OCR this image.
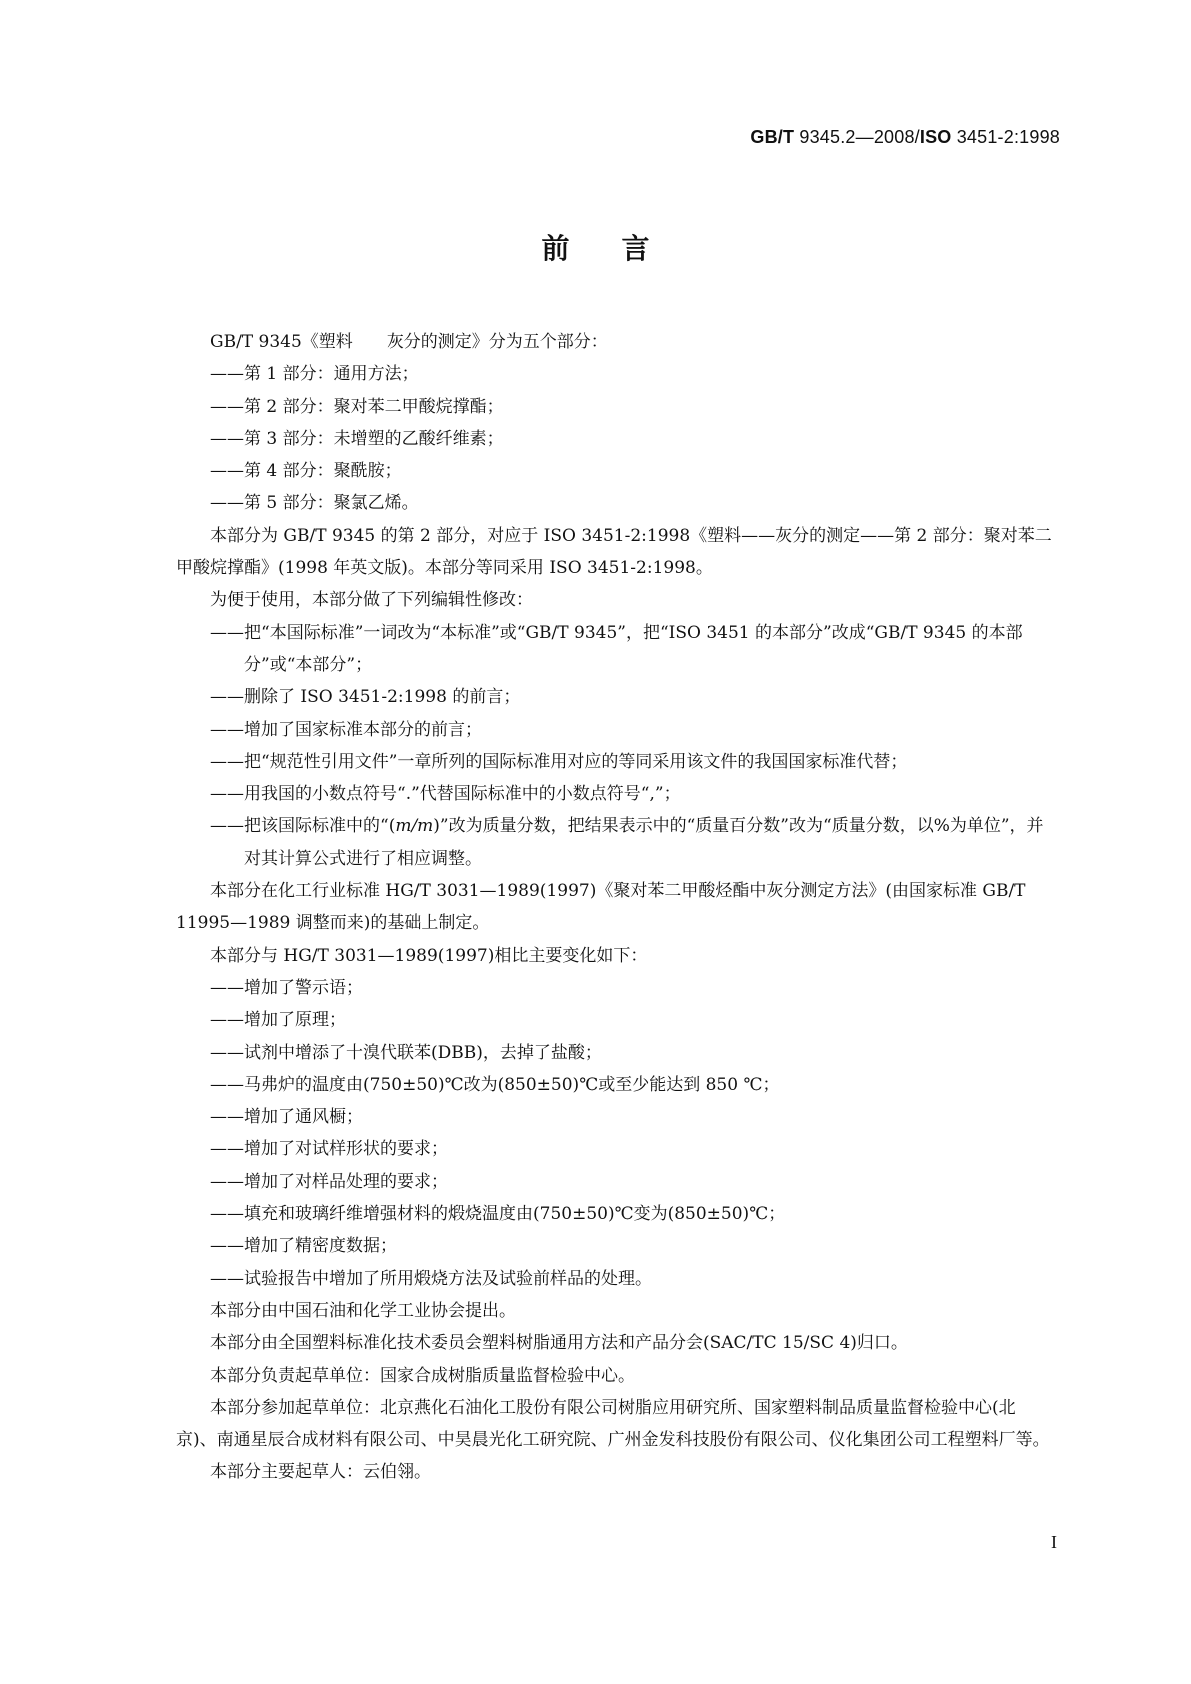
GB/T 9345.2—2008/ISO 3451-2:1998
前言

GB/T 9345《塑料 灰分的测定》分为五个部分：

——第 1 部分：通用方法；

——第 2 部分：聚对苯二甲酸烷撑酯；

——第 3 部分：未增塑的乙酸纤维素；

——第 4 部分：聚酰胺；

——第 5 部分：聚氯乙烯。

本部分为 GB/T 9345 的第 2 部分，对应于 ISO 3451-2:1998《塑料——灰分的测定——第 2 部分：聚对苯二甲酸烷撑酯》(1998 年英文版)。本部分等同采用 ISO 3451-2:1998。

为便于使用，本部分做了下列编辑性修改：

——把“本国际标准”一词改为“本标准”或“GB/T 9345”，把“ISO 3451 的本部分”改成“GB/T 9345 的本部分”或“本部分”；

——删除了 ISO 3451-2:1998 的前言；

——增加了国家标准本部分的前言；

——把“规范性引用文件”一章所列的国际标准用对应的等同采用该文件的我国国家标准代替；

——用我国的小数点符号“.”代替国际标准中的小数点符号“,”；

——把该国际标准中的“(m/m)”改为质量分数，把结果表示中的“质量百分数”改为“质量分数，以%为单位”，并对其计算公式进行了相应调整。

本部分在化工行业标准 HG/T 3031—1989(1997)《聚对苯二甲酸烃酯中灰分测定方法》(由国家标准 GB/T 11995—1989 调整而来)的基础上制定。

本部分与 HG/T 3031—1989(1997)相比主要变化如下：

——增加了警示语；

——增加了原理；

——试剂中增添了十溴代联苯(DBB)，去掉了盐酸；

——马弗炉的温度由(750±50)℃改为(850±50)℃或至少能达到 850 ℃；

——增加了通风橱；

——增加了对试样形状的要求；

——增加了对样品处理的要求；

——填充和玻璃纤维增强材料的煅烧温度由(750±50)℃变为(850±50)℃；

——增加了精密度数据；

——试验报告中增加了所用煅烧方法及试验前样品的处理。

本部分由中国石油和化学工业协会提出。

本部分由全国塑料标准化技术委员会塑料树脂通用方法和产品分会(SAC/TC 15/SC 4)归口。

本部分负责起草单位：国家合成树脂质量监督检验中心。

本部分参加起草单位：北京燕化石油化工股份有限公司树脂应用研究所、国家塑料制品质量监督检验中心(北京)、南通星辰合成材料有限公司、中昊晨光化工研究院、广州金发科技股份有限公司、仪化集团公司工程塑料厂等。

本部分主要起草人：云伯翎。

I
